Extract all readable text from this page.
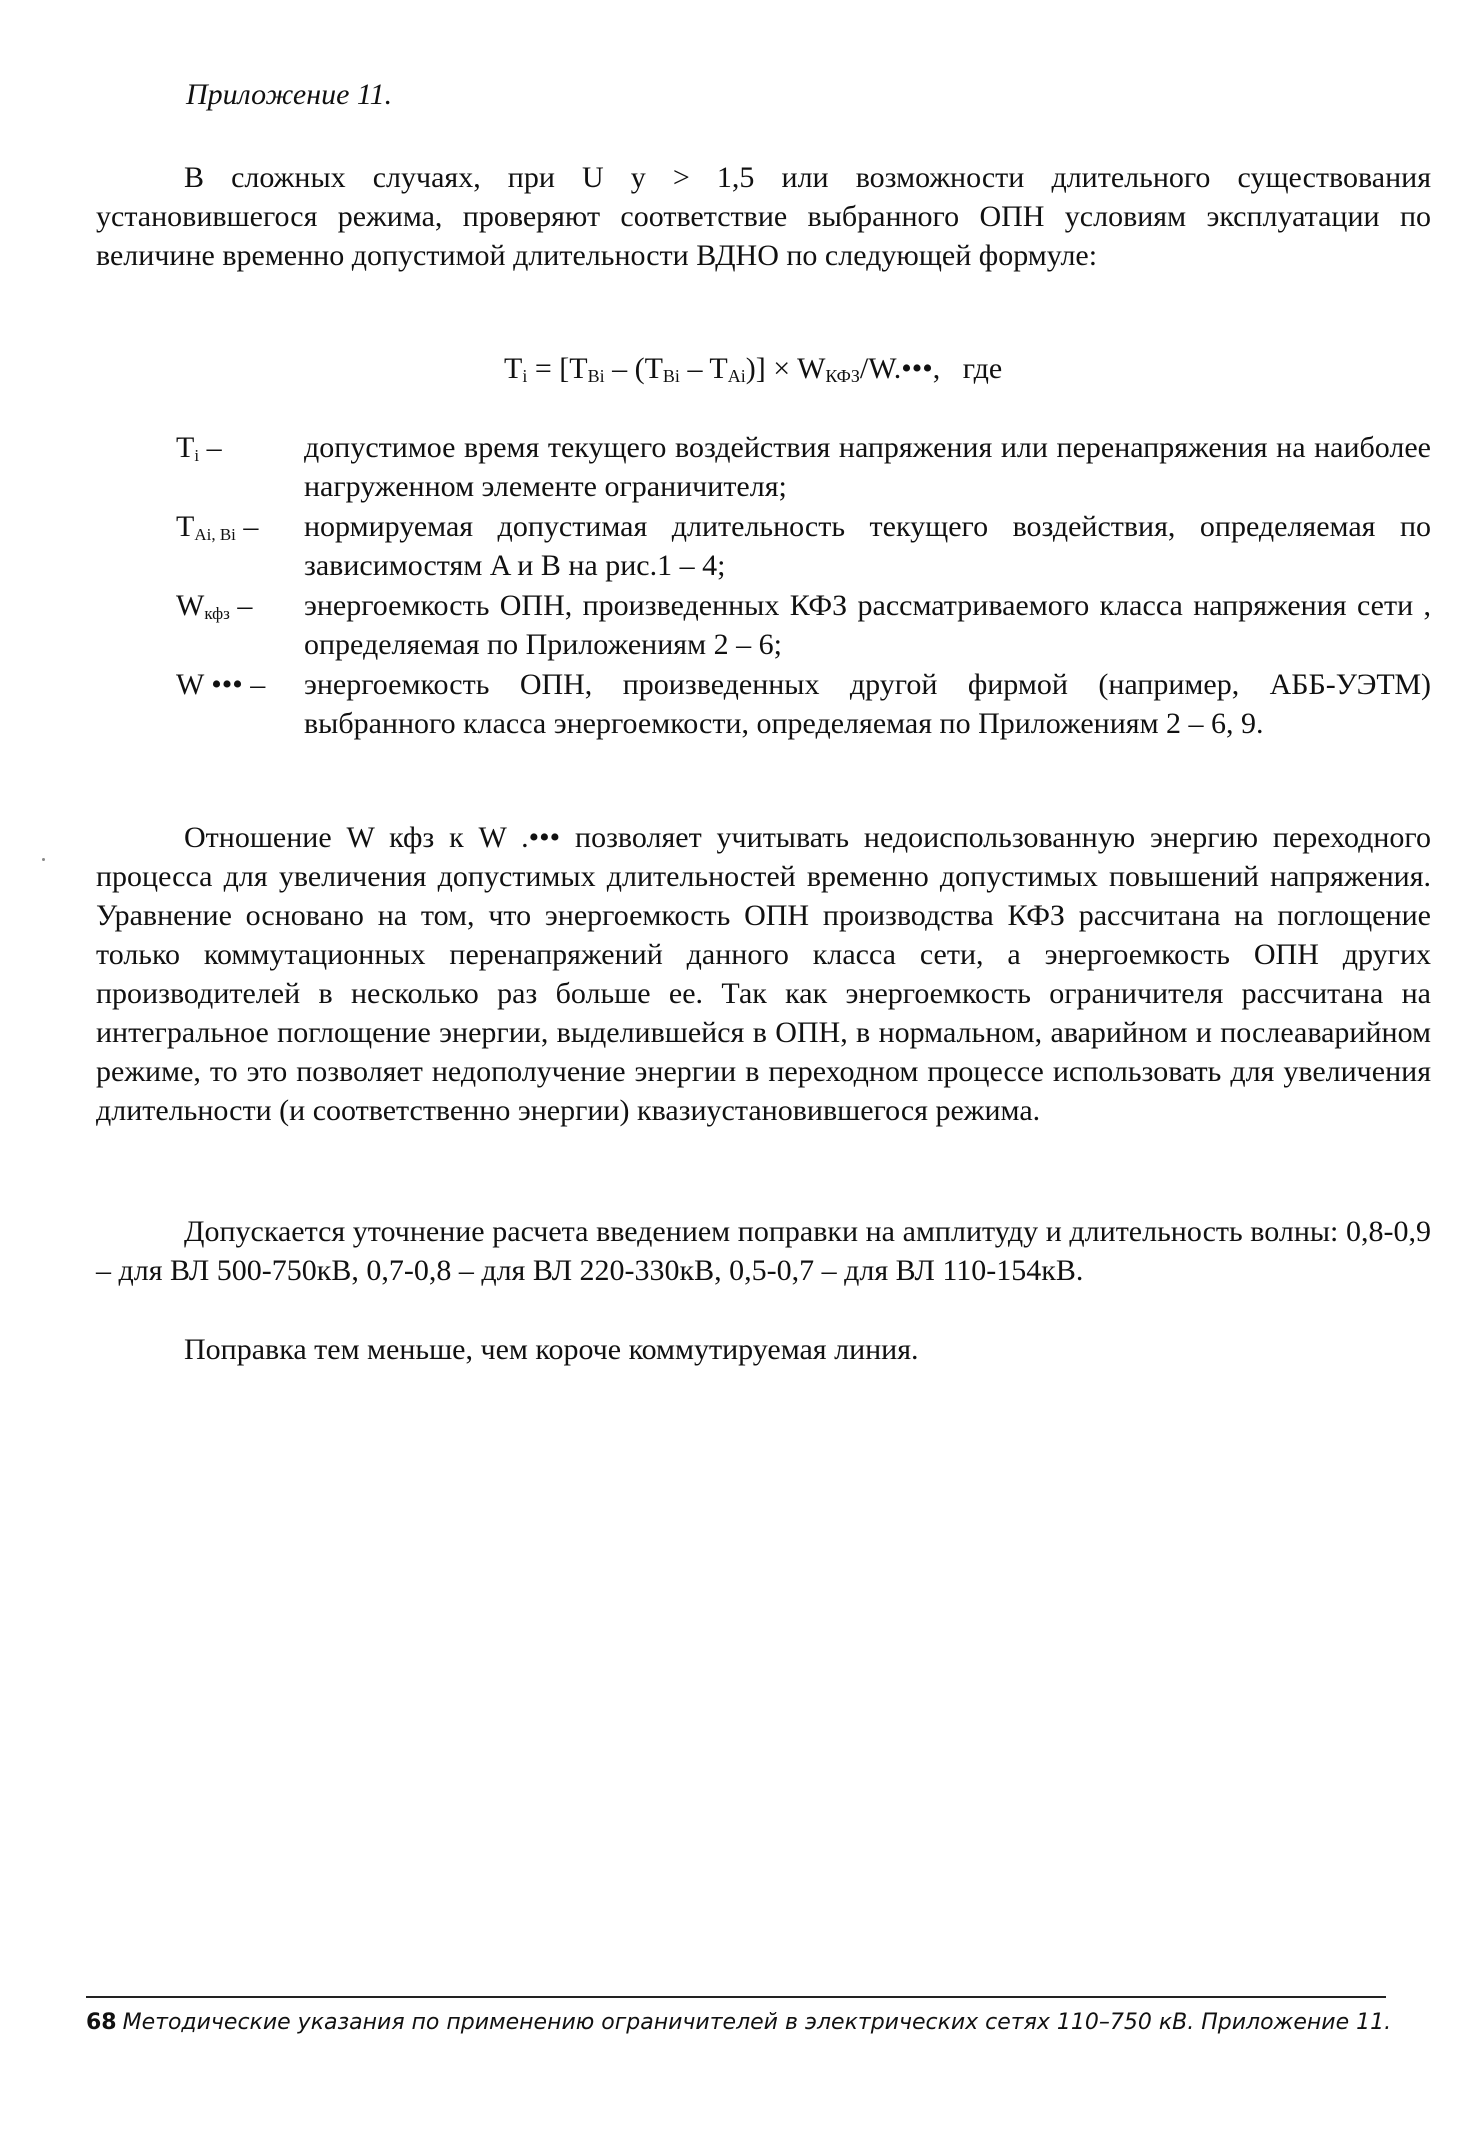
Приложение 11.
В сложных случаях, при U у > 1,5 или возможности длительного существования установившегося режима, проверяют соответствие выбранного ОПН условиям эксплуатации по величине временно допустимой длительности ВДНО по следующей формуле:
$T_i = [T_{Bi} - (T_{Bi} - T_{Ai})]$ × $W_{КФЗ}/W.•••$, где
Ti –	допустимое время текущего воздействия напряжения или перенапряжения на наиболее нагруженном элементе ограничителя;
TAi, Bi –	нормируемая допустимая длительность текущего воздействия, определяемая по зависимостям A и B на рис.1 – 4;
Wкфз –	энергоемкость ОПН, произведенных КФЗ рассматриваемого класса напряжения сети , определяемая по Приложениям 2 – 6;
W ••• –	энергоемкость ОПН, произведенных другой фирмой (например, АББ-УЭТМ) выбранного класса энергоемкости, определяемая по Приложениям 2 – 6, 9.
Отношение W кфз к W .••• позволяет учитывать недоиспользованную энергию переходного процесса для увеличения допустимых длительностей временно допустимых повышений напряжения. Уравнение основано на том, что энергоемкость ОПН производства КФЗ рассчитана на поглощение только коммутационных перенапряжений данного класса сети, а энергоемкость ОПН других производителей в несколько раз больше ее. Так как энергоемкость ограничителя рассчитана на интегральное поглощение энергии, выделившейся в ОПН, в нормальном, аварийном и послеаварийном режиме, то это позволяет недополучение энергии в переходном процессе использовать для увеличения длительности (и соответственно энергии) квазиустановившегося режима.
Допускается уточнение расчета введением поправки на амплитуду и длительность волны: 0,8-0,9 – для ВЛ 500-750кВ, 0,7-0,8 – для ВЛ 220-330кВ, 0,5-0,7 – для ВЛ 110-154кВ.
Поправка тем меньше, чем короче коммутируемая линия.
68 Методические указания по применению ограничителей в электрических сетях 110–750 кВ. Приложение 11.
